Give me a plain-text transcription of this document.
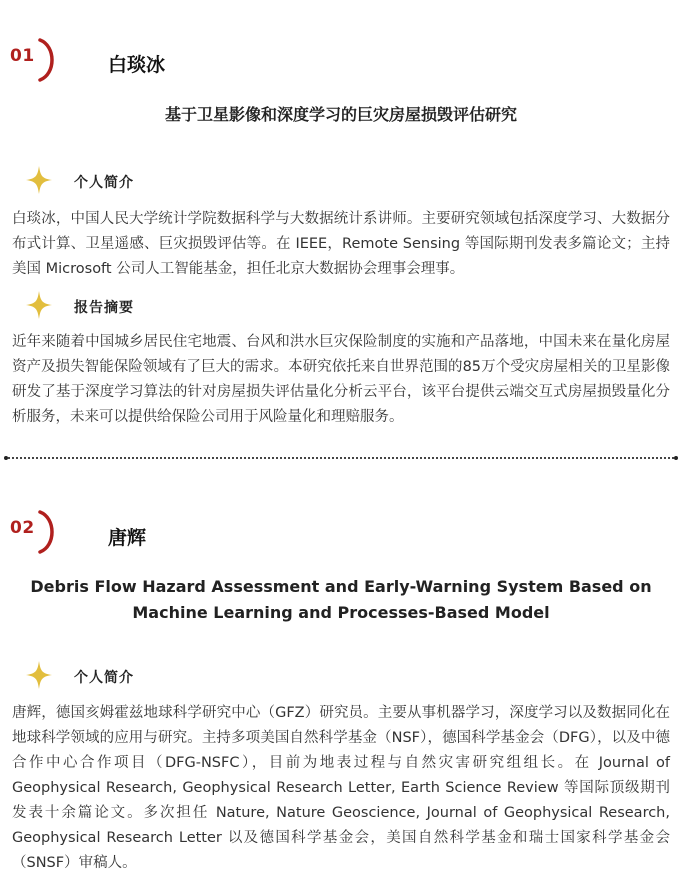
01	白琰冰
基于卫星影像和深度学习的巨灾房屋损毁评估研究
个人简介
白琰冰，中国人民大学统计学院数据科学与大数据统计系讲师。主要研究领域包括深度学习、大数据分布式计算、卫星遥感、巨灾损毁评估等。在 IEEE，Remote Sensing 等国际期刊发表多篇论文；主持美国 Microsoft 公司人工智能基金，担任北京大数据协会理事会理事。
报告摘要
近年来随着中国城乡居民住宅地震、台风和洪水巨灾保险制度的实施和产品落地，中国未来在量化房屋资产及损失智能保险领域有了巨大的需求。本研究依托来自世界范围的85万个受灾房屋相关的卫星影像研发了基于深度学习算法的针对房屋损失评估量化分析云平台，该平台提供云端交互式房屋损毁量化分析服务，未来可以提供给保险公司用于风险量化和理赔服务。
02	唐辉
Debris Flow Hazard Assessment and Early-Warning System Based on Machine Learning and Processes-Based Model
个人简介
唐辉，德国亥姆霍兹地球科学研究中心（GFZ）研究员。主要从事机器学习，深度学习以及数据同化在地球科学领域的应用与研究。主持多项美国自然科学基金（NSF），德国科学基金会（DFG），以及中德合作中心合作项目（DFG-NSFC），目前为地表过程与自然灾害研究组组长。在 Journal of Geophysical Research, Geophysical Research Letter, Earth Science Review 等国际顶级期刊发表十余篇论文。多次担任 Nature, Nature Geoscience, Journal of Geophysical Research, Geophysical Research Letter 以及德国科学基金会，美国自然科学基金和瑞士国家科学基金会（SNSF）审稿人。
